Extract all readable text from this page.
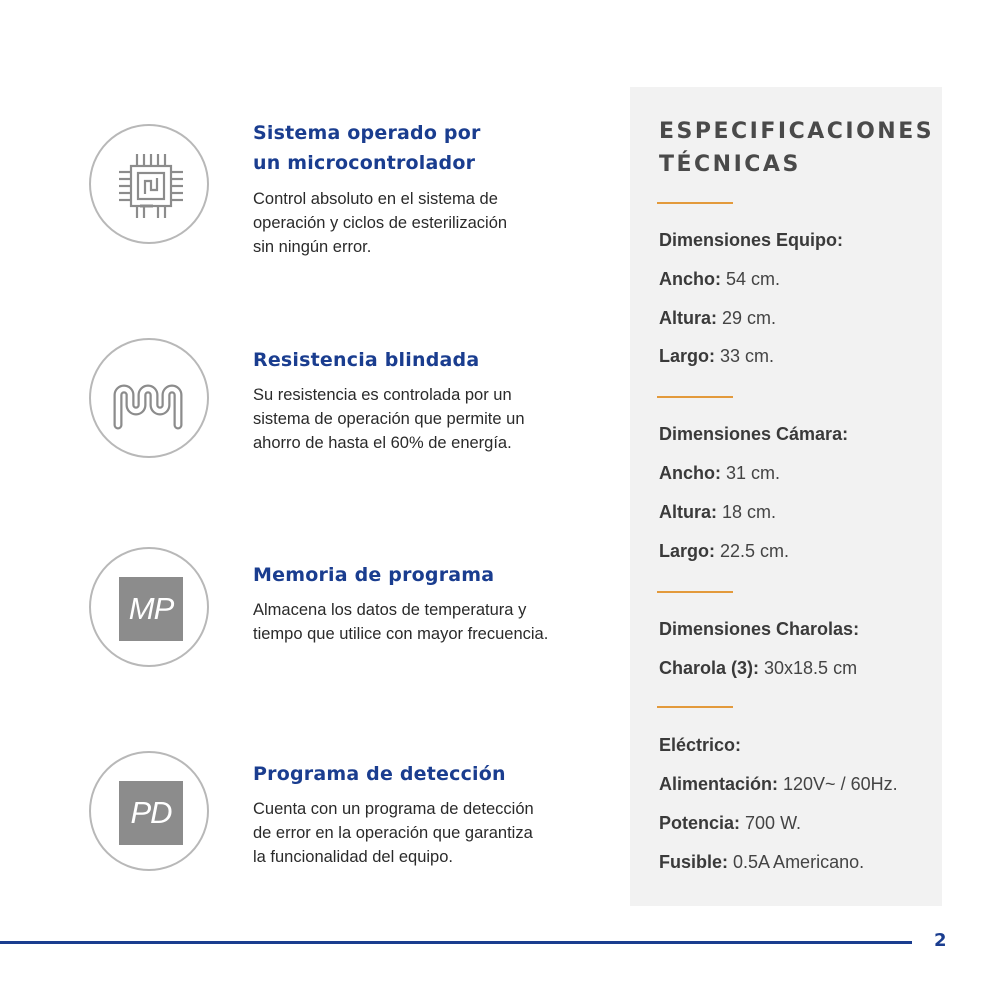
Sistema operado por
un microcontrolador

Control absoluto en el sistema de
operación y ciclos de esterilización
sin ningún error.

Resistencia blindada

Su resistencia es controlada por un
sistema de operación que permite un
ahorro de hasta el 60% de energía.

MP
Memoria de programa

Almacena los datos de temperatura y
tiempo que utilice con mayor frecuencia.

PD
Programa de detección

Cuenta con un programa de detección
de error en la operación que garantiza
la funcionalidad del equipo.

ESPECIFICACIONES
TÉCNICAS

Dimensiones Equipo:

Ancho: 54 cm.

Altura: 29 cm.

Largo: 33 cm.

Dimensiones Cámara:

Ancho: 31 cm.

Altura: 18 cm.

Largo: 22.5 cm.

Dimensiones Charolas:

Charola (3): 30x18.5 cm

Eléctrico:

Alimentación: 120V~ / 60Hz.

Potencia: 700 W.

Fusible: 0.5A Americano.

2
